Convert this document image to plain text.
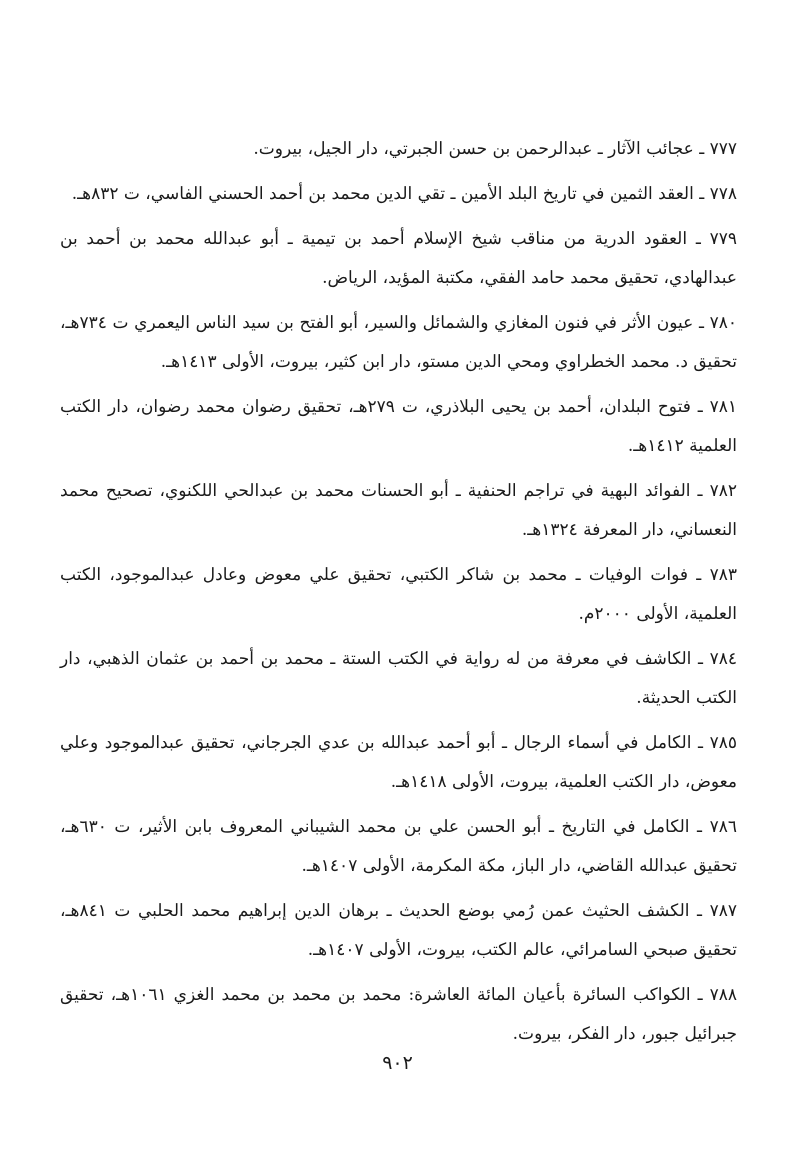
٧٧٧ ـ عجائب الآثار ـ عبدالرحمن بن حسن الجبرتي، دار الجيل، بيروت.

٧٧٨ ـ العقد الثمين في تاريخ البلد الأمين ـ تقي الدين محمد بن أحمد الحسني الفاسي، ت ٨٣٢هـ.

٧٧٩ ـ العقود الدرية من مناقب شيخ الإسلام أحمد بن تيمية ـ أبو عبدالله محمد بن أحمد بن عبدالهادي، تحقيق محمد حامد الفقي، مكتبة المؤيد، الرياض.

٧٨٠ ـ عيون الأثر في فنون المغازي والشمائل والسير، أبو الفتح بن سيد الناس اليعمري ت ٧٣٤هـ، تحقيق د. محمد الخطراوي ومحي الدين مستو، دار ابن كثير، بيروت، الأولى ١٤١٣هـ.

٧٨١ ـ فتوح البلدان، أحمد بن يحيى البلاذري، ت ٢٧٩هـ، تحقيق رضوان محمد رضوان، دار الكتب العلمية ١٤١٢هـ.

٧٨٢ ـ الفوائد البهية في تراجم الحنفية ـ أبو الحسنات محمد بن عبدالحي اللكنوي، تصحيح محمد النعساني، دار المعرفة ١٣٢٤هـ.

٧٨٣ ـ فوات الوفيات ـ محمد بن شاكر الكتبي، تحقيق علي معوض وعادل عبدالموجود، الكتب العلمية، الأولى ٢٠٠٠م.

٧٨٤ ـ الكاشف في معرفة من له رواية في الكتب الستة ـ محمد بن أحمد بن عثمان الذهبي، دار الكتب الحديثة.

٧٨٥ ـ الكامل في أسماء الرجال ـ أبو أحمد عبدالله بن عدي الجرجاني، تحقيق عبدالموجود وعلي معوض، دار الكتب العلمية، بيروت، الأولى ١٤١٨هـ.

٧٨٦ ـ الكامل في التاريخ ـ أبو الحسن علي بن محمد الشيباني المعروف بابن الأثير، ت ٦٣٠هـ، تحقيق عبدالله القاضي، دار الباز، مكة المكرمة، الأولى ١٤٠٧هـ.

٧٨٧ ـ الكشف الحثيث عمن رُمي بوضع الحديث ـ برهان الدين إبراهيم محمد الحلبي ت ٨٤١هـ، تحقيق صبحي السامرائي، عالم الكتب، بيروت، الأولى ١٤٠٧هـ.

٧٨٨ ـ الكواكب السائرة بأعيان المائة العاشرة: محمد بن محمد بن محمد الغزي ١٠٦١هـ، تحقيق جبرائيل جبور، دار الفكر، بيروت.

٩٠٢
